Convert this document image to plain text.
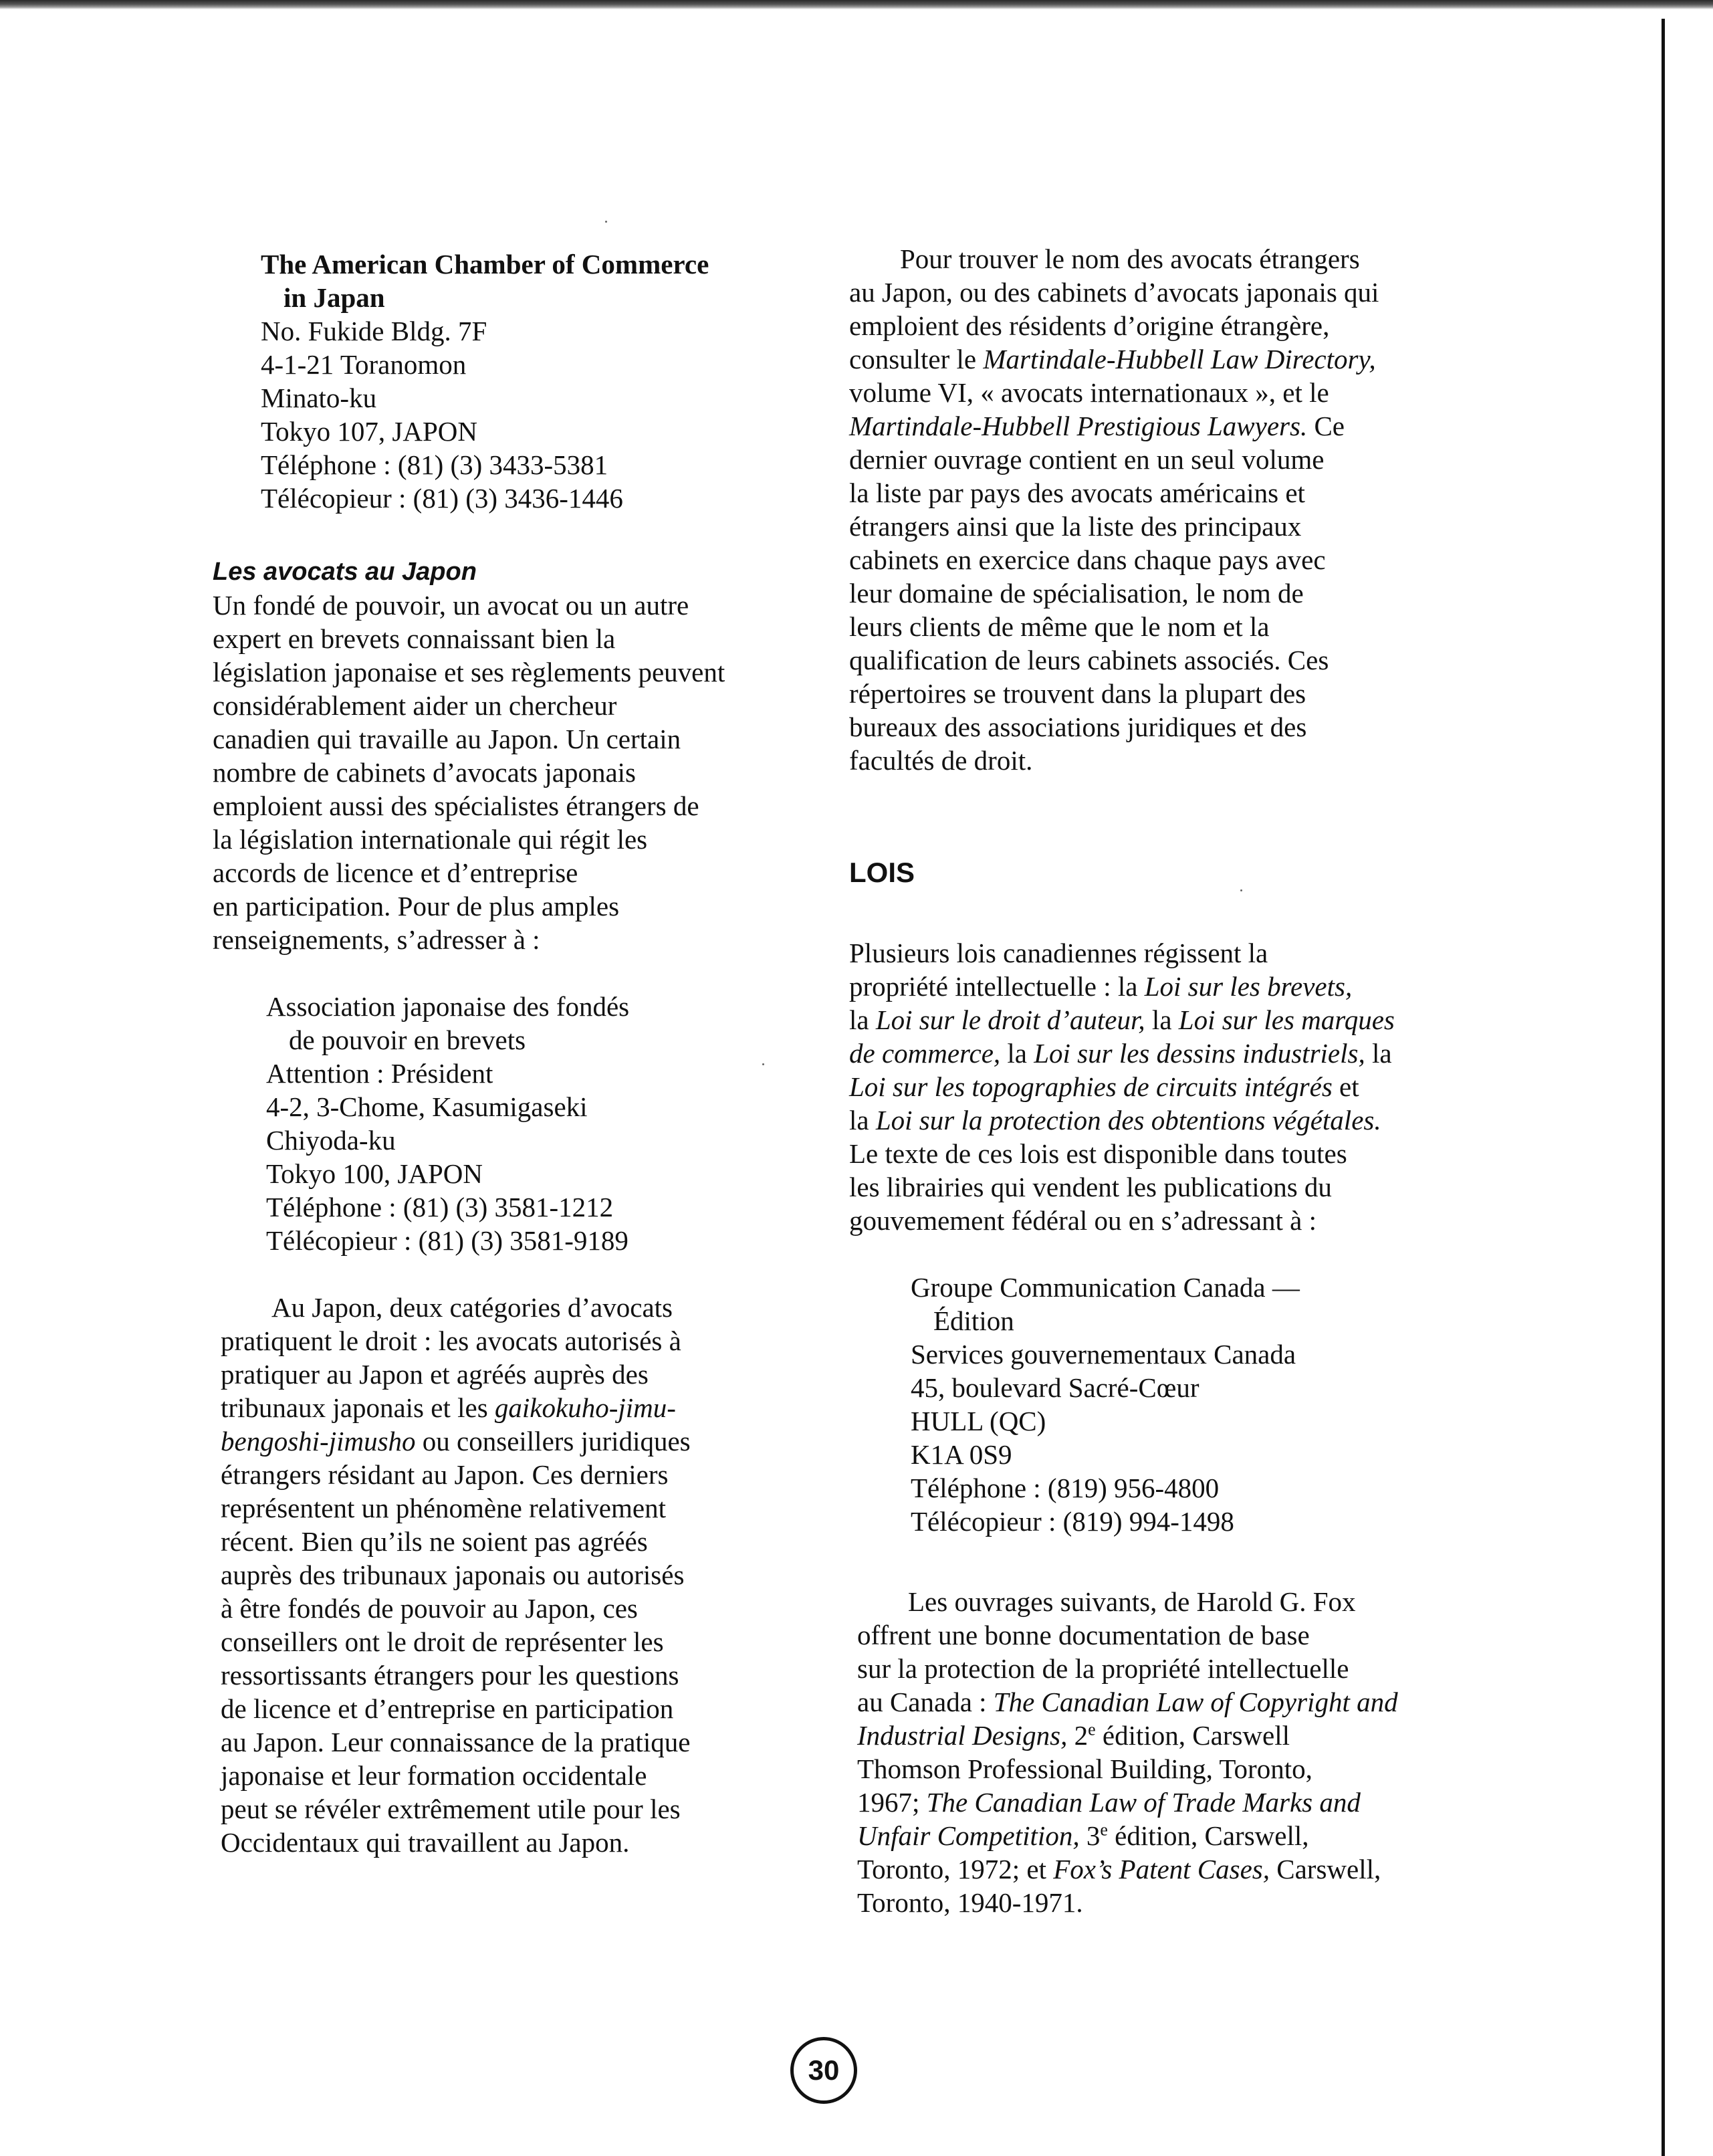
The American Chamber of Commerce
in Japan
No. Fukide Bldg. 7F
4-1-21 Toranomon
Minato-ku
Tokyo 107, JAPON
Téléphone : (81) (3) 3433-5381
Télécopieur : (81) (3) 3436-1446
Les avocats au Japon
Un fondé de pouvoir, un avocat ou un autre
expert en brevets connaissant bien la
législation japonaise et ses règlements peuvent
considérablement aider un chercheur
canadien qui travaille au Japon. Un certain
nombre de cabinets d’avocats japonais
emploient aussi des spécialistes étrangers de
la législation internationale qui régit les
accords de licence et d’entreprise
en participation. Pour de plus amples
renseignements, s’adresser à :
Association japonaise des fondés
de pouvoir en brevets
Attention : Président
4-2, 3-Chome, Kasumigaseki
Chiyoda-ku
Tokyo 100, JAPON
Téléphone : (81) (3) 3581-1212
Télécopieur : (81) (3) 3581-9189
Au Japon, deux catégories d’avocats
pratiquent le droit : les avocats autorisés à
pratiquer au Japon et agréés auprès des
tribunaux japonais et les gaikokuho-jimu-
bengoshi-jimusho ou conseillers juridiques
étrangers résidant au Japon. Ces derniers
représentent un phénomène relativement
récent. Bien qu’ils ne soient pas agréés
auprès des tribunaux japonais ou autorisés
à être fondés de pouvoir au Japon, ces
conseillers ont le droit de représenter les
ressortissants étrangers pour les questions
de licence et d’entreprise en participation
au Japon. Leur connaissance de la pratique
japonaise et leur formation occidentale
peut se révéler extrêmement utile pour les
Occidentaux qui travaillent au Japon.
Pour trouver le nom des avocats étrangers
au Japon, ou des cabinets d’avocats japonais qui
emploient des résidents d’origine étrangère,
consulter le Martindale-Hubbell Law Directory,
volume VI, « avocats internationaux », et le
Martindale-Hubbell Prestigious Lawyers. Ce
dernier ouvrage contient en un seul volume
la liste par pays des avocats américains et
étrangers ainsi que la liste des principaux
cabinets en exercice dans chaque pays avec
leur domaine de spécialisation, le nom de
leurs clients de même que le nom et la
qualification de leurs cabinets associés. Ces
répertoires se trouvent dans la plupart des
bureaux des associations juridiques et des
facultés de droit.
LOIS
Plusieurs lois canadiennes régissent la
propriété intellectuelle : la Loi sur les brevets,
la Loi sur le droit d’auteur, la Loi sur les marques
de commerce, la Loi sur les dessins industriels, la
Loi sur les topographies de circuits intégrés et
la Loi sur la protection des obtentions végétales.
Le texte de ces lois est disponible dans toutes
les librairies qui vendent les publications du
gouvemement fédéral ou en s’adressant à :
Groupe Communication Canada —
Édition
Services gouvernementaux Canada
45, boulevard Sacré-Cœur
HULL (QC)
K1A 0S9
Téléphone : (819) 956-4800
Télécopieur : (819) 994-1498
Les ouvrages suivants, de Harold G. Fox
offrent une bonne documentation de base
sur la protection de la propriété intellectuelle
au Canada : The Canadian Law of Copyright and
Industrial Designs, 2e édition, Carswell
Thomson Professional Building, Toronto,
1967; The Canadian Law of Trade Marks and
Unfair Competition, 3e édition, Carswell,
Toronto, 1972; et Fox’s Patent Cases, Carswell,
Toronto, 1940-1971.
30
